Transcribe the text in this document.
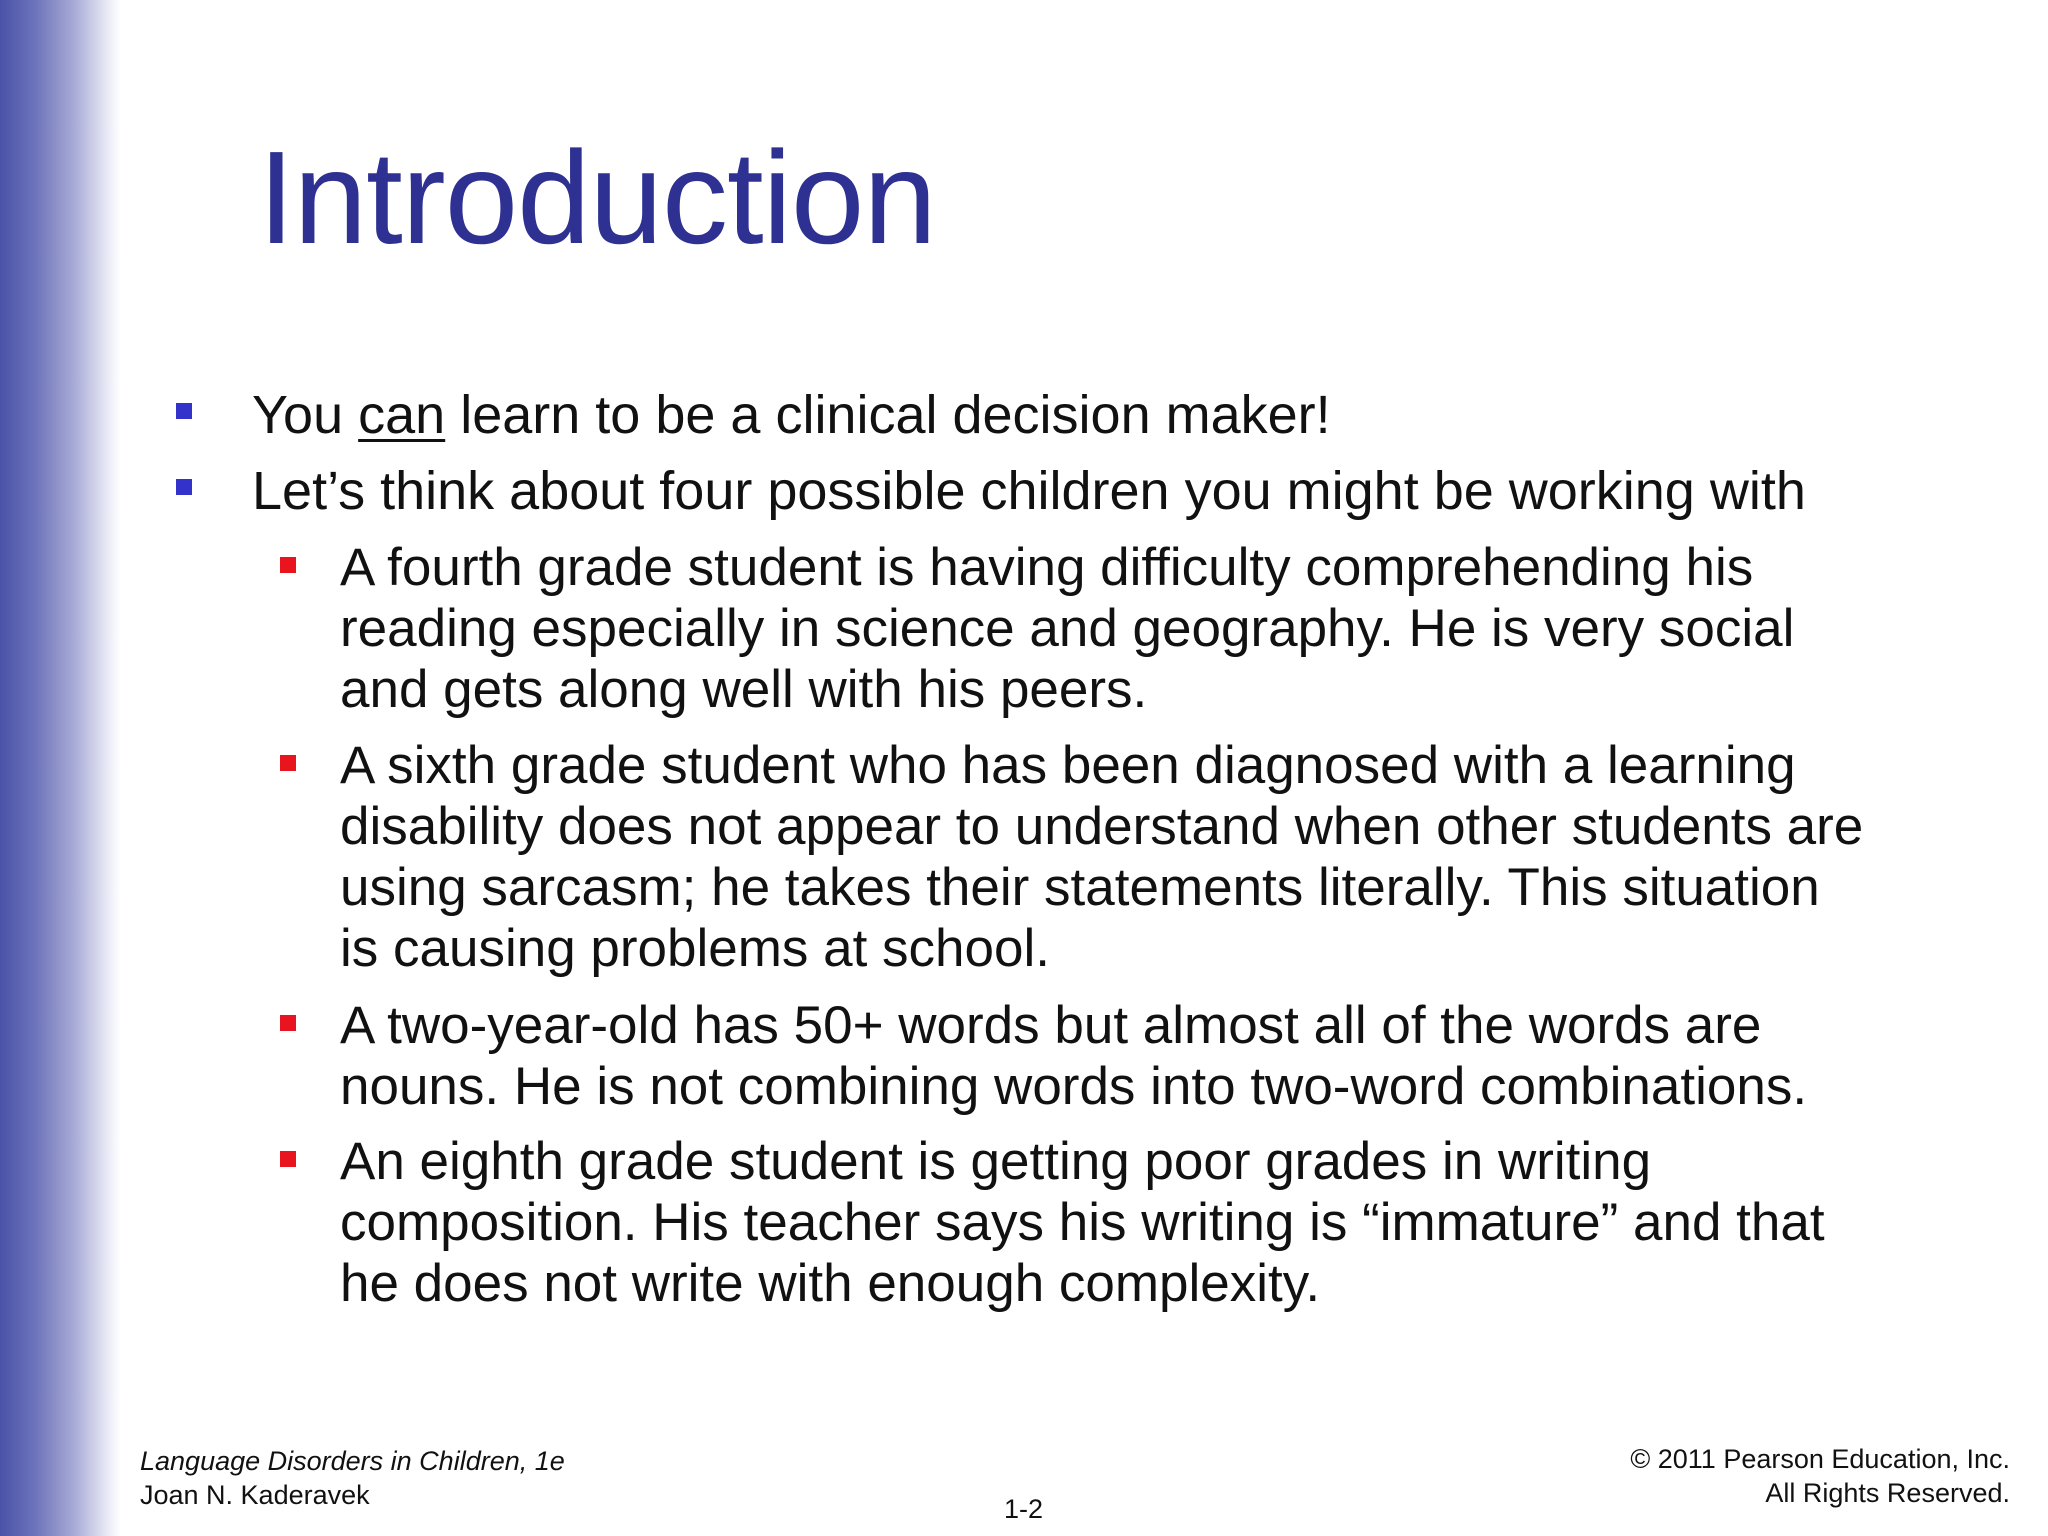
Introduction
You can learn to be a clinical decision maker!
Let’s think about four possible children you might be working with
A fourth grade student is having difficulty comprehending his
reading especially in science and geography. He is very social
and gets along well with his peers.
A sixth grade student who has been diagnosed with a learning
disability does not appear to understand when other students are
using sarcasm; he takes their statements literally. This situation
is causing problems at school.
A two-year-old has 50+ words but almost all of the words are
nouns. He is not combining words into two-word combinations.
An eighth grade student is getting poor grades in writing
composition. His teacher says his writing is “immature” and that
he does not write with enough complexity.
Language Disorders in Children, 1e
Joan N. Kaderavek	1-2
© 2011 Pearson Education, Inc.
All Rights Reserved.
